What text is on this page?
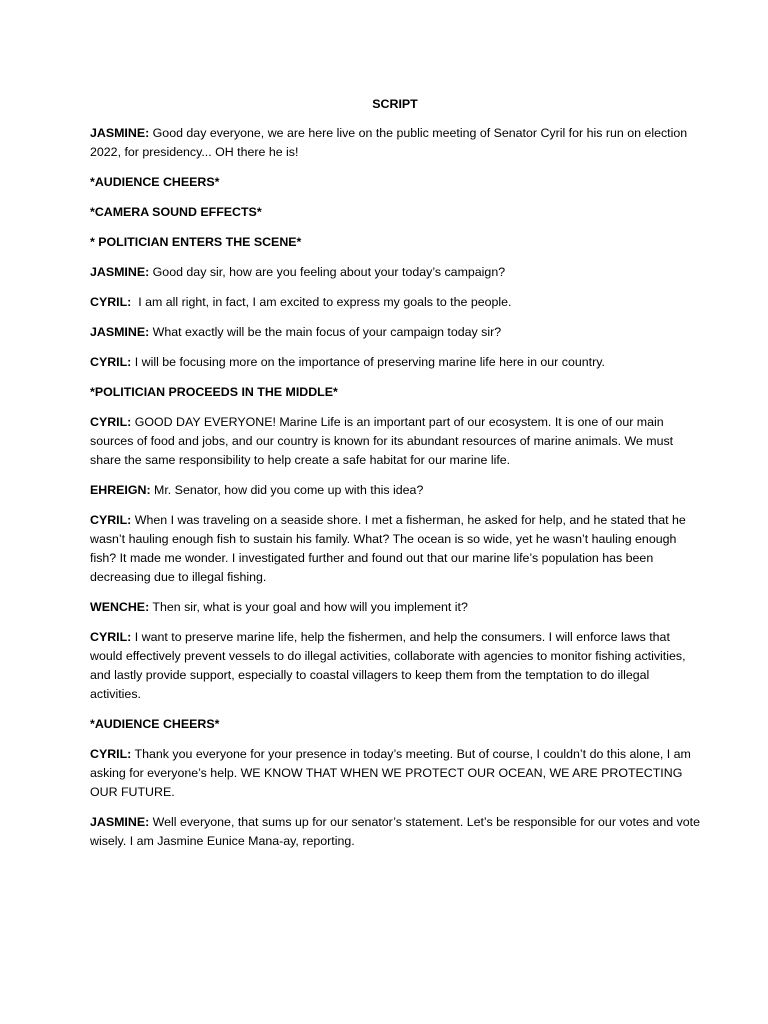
SCRIPT
JASMINE: Good day everyone, we are here live on the public meeting of Senator Cyril for his run on election 2022, for presidency... OH there he is!
*AUDIENCE CHEERS*
*CAMERA SOUND EFFECTS*
* POLITICIAN ENTERS THE SCENE*
JASMINE: Good day sir, how are you feeling about your today’s campaign?
CYRIL:  I am all right, in fact, I am excited to express my goals to the people.
JASMINE: What exactly will be the main focus of your campaign today sir?
CYRIL: I will be focusing more on the importance of preserving marine life here in our country.
*POLITICIAN PROCEEDS IN THE MIDDLE*
CYRIL: GOOD DAY EVERYONE! Marine Life is an important part of our ecosystem. It is one of our main sources of food and jobs, and our country is known for its abundant resources of marine animals. We must share the same responsibility to help create a safe habitat for our marine life.
EHREIGN: Mr. Senator, how did you come up with this idea?
CYRIL: When I was traveling on a seaside shore. I met a fisherman, he asked for help, and he stated that he wasn’t hauling enough fish to sustain his family. What? The ocean is so wide, yet he wasn’t hauling enough fish? It made me wonder. I investigated further and found out that our marine life’s population has been decreasing due to illegal fishing.
WENCHE: Then sir, what is your goal and how will you implement it?
CYRIL: I want to preserve marine life, help the fishermen, and help the consumers. I will enforce laws that would effectively prevent vessels to do illegal activities, collaborate with agencies to monitor fishing activities, and lastly provide support, especially to coastal villagers to keep them from the temptation to do illegal activities.
*AUDIENCE CHEERS*
CYRIL: Thank you everyone for your presence in today’s meeting. But of course, I couldn’t do this alone, I am asking for everyone’s help. WE KNOW THAT WHEN WE PROTECT OUR OCEAN, WE ARE PROTECTING OUR FUTURE.
JASMINE: Well everyone, that sums up for our senator’s statement. Let’s be responsible for our votes and vote wisely. I am Jasmine Eunice Mana-ay, reporting.
